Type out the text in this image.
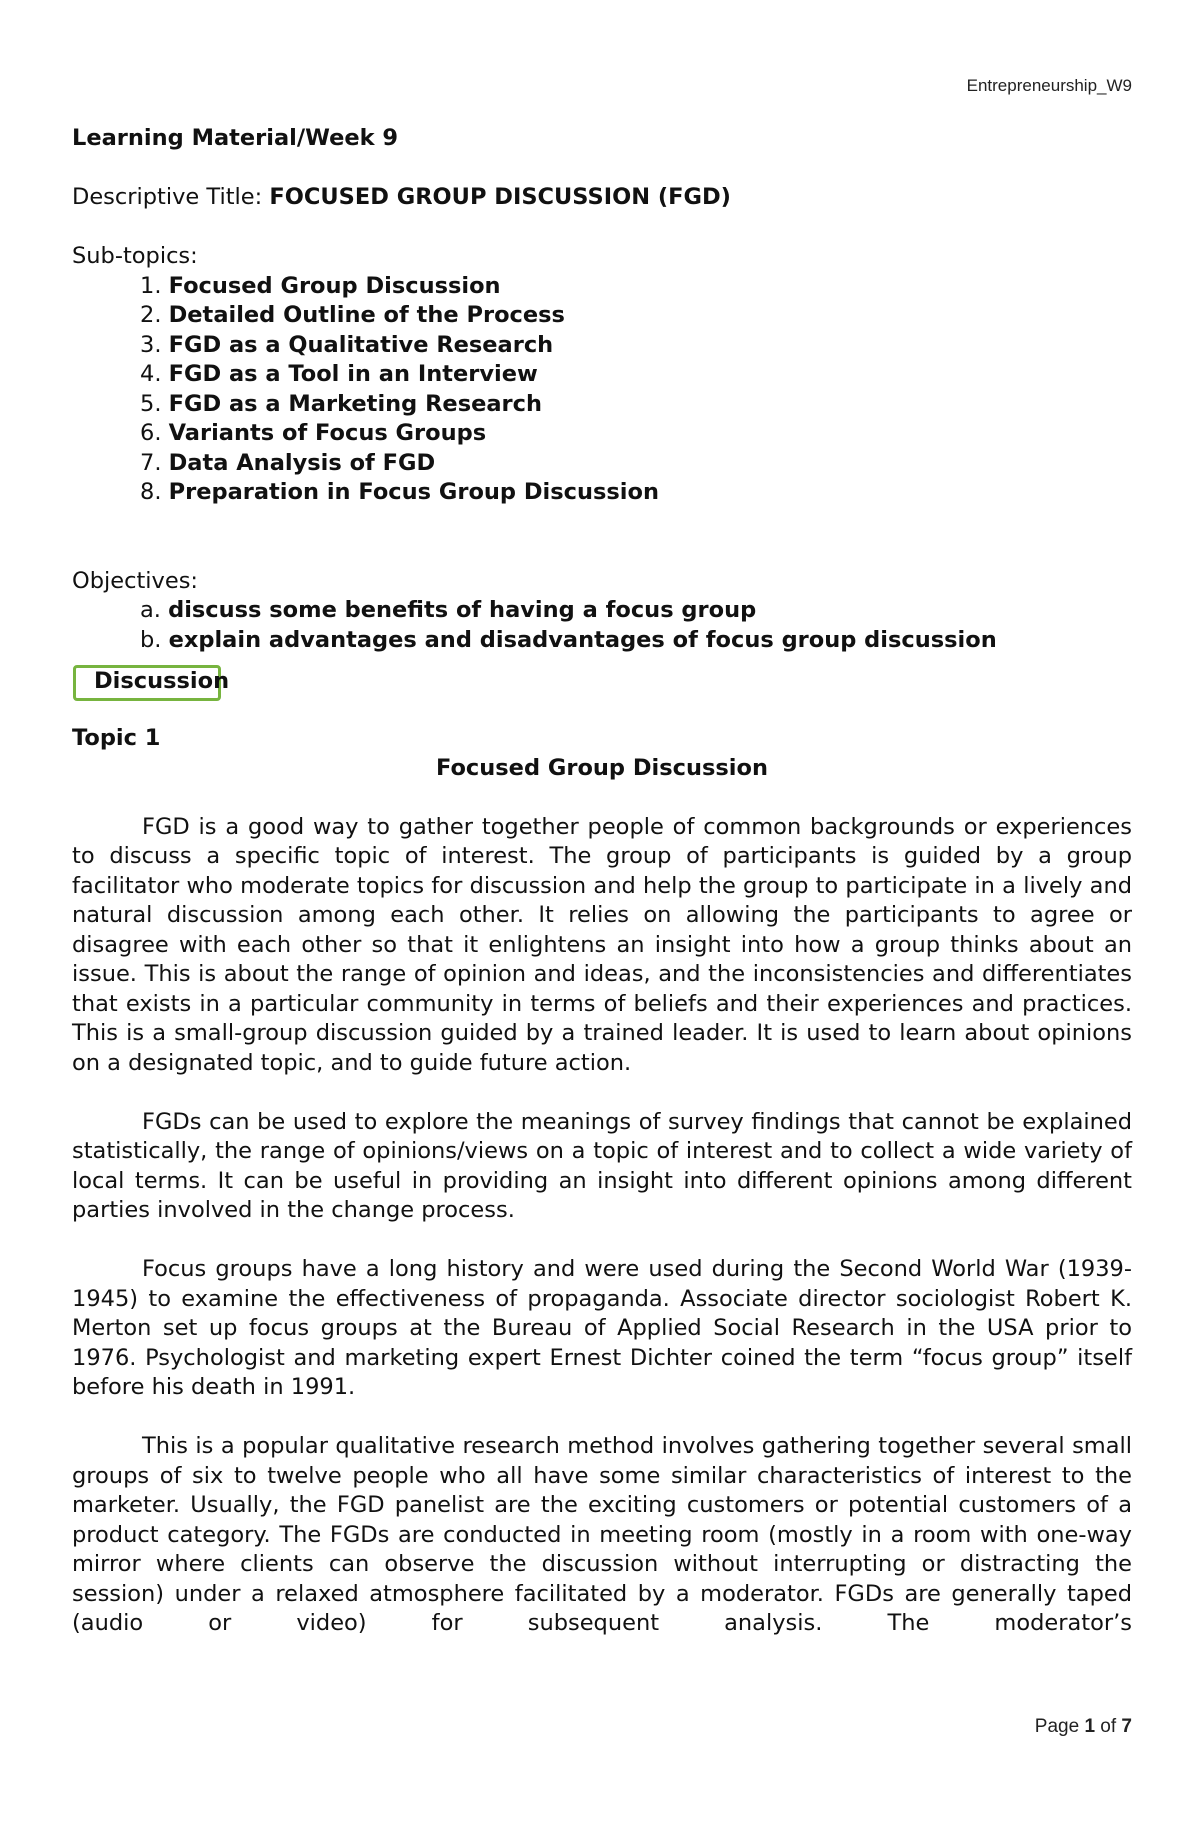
Entrepreneurship_W9
Learning Material/Week 9
Descriptive Title: FOCUSED GROUP DISCUSSION (FGD)
Sub-topics:
1. Focused Group Discussion
2. Detailed Outline of the Process
3. FGD as a Qualitative Research
4. FGD as a Tool in an Interview
5. FGD as a Marketing Research
6. Variants of Focus Groups
7. Data Analysis of FGD
8. Preparation in Focus Group Discussion
Objectives:
a. discuss some benefits of having a focus group
b. explain advantages and disadvantages of focus group discussion
Discussion
Topic 1
Focused Group Discussion

FGD is a good way to gather together people of common backgrounds or experiences to discuss a specific topic of interest. The group of participants is guided by a group facilitator who moderate topics for discussion and help the group to participate in a lively and natural discussion among each other. It relies on allowing the participants to agree or disagree with each other so that it enlightens an insight into how a group thinks about an issue. This is about the range of opinion and ideas, and the inconsistencies and differentiates that exists in a particular community in terms of beliefs and their experiences and practices. This is a small-group discussion guided by a trained leader. It is used to learn about opinions on a designated topic, and to guide future action.

FGDs can be used to explore the meanings of survey findings that cannot be explained statistically, the range of opinions/views on a topic of interest and to collect a wide variety of local terms. It can be useful in providing an insight into different opinions among different parties involved in the change process.

Focus groups have a long history and were used during the Second World War (1939-1945) to examine the effectiveness of propaganda. Associate director sociologist Robert K. Merton set up focus groups at the Bureau of Applied Social Research in the USA prior to 1976. Psychologist and marketing expert Ernest Dichter coined the term “focus group” itself before his death in 1991.

This is a popular qualitative research method involves gathering together several small groups of six to twelve people who all have some similar characteristics of interest to the marketer. Usually, the FGD panelist are the exciting customers or potential customers of a product category. The FGDs are conducted in meeting room (mostly in a room with one-way mirror where clients can observe the discussion without interrupting or distracting the session) under a relaxed atmosphere facilitated by a moderator. FGDs are generally taped (audio or video) for subsequent analysis. The moderator’s

Page 1 of 7
